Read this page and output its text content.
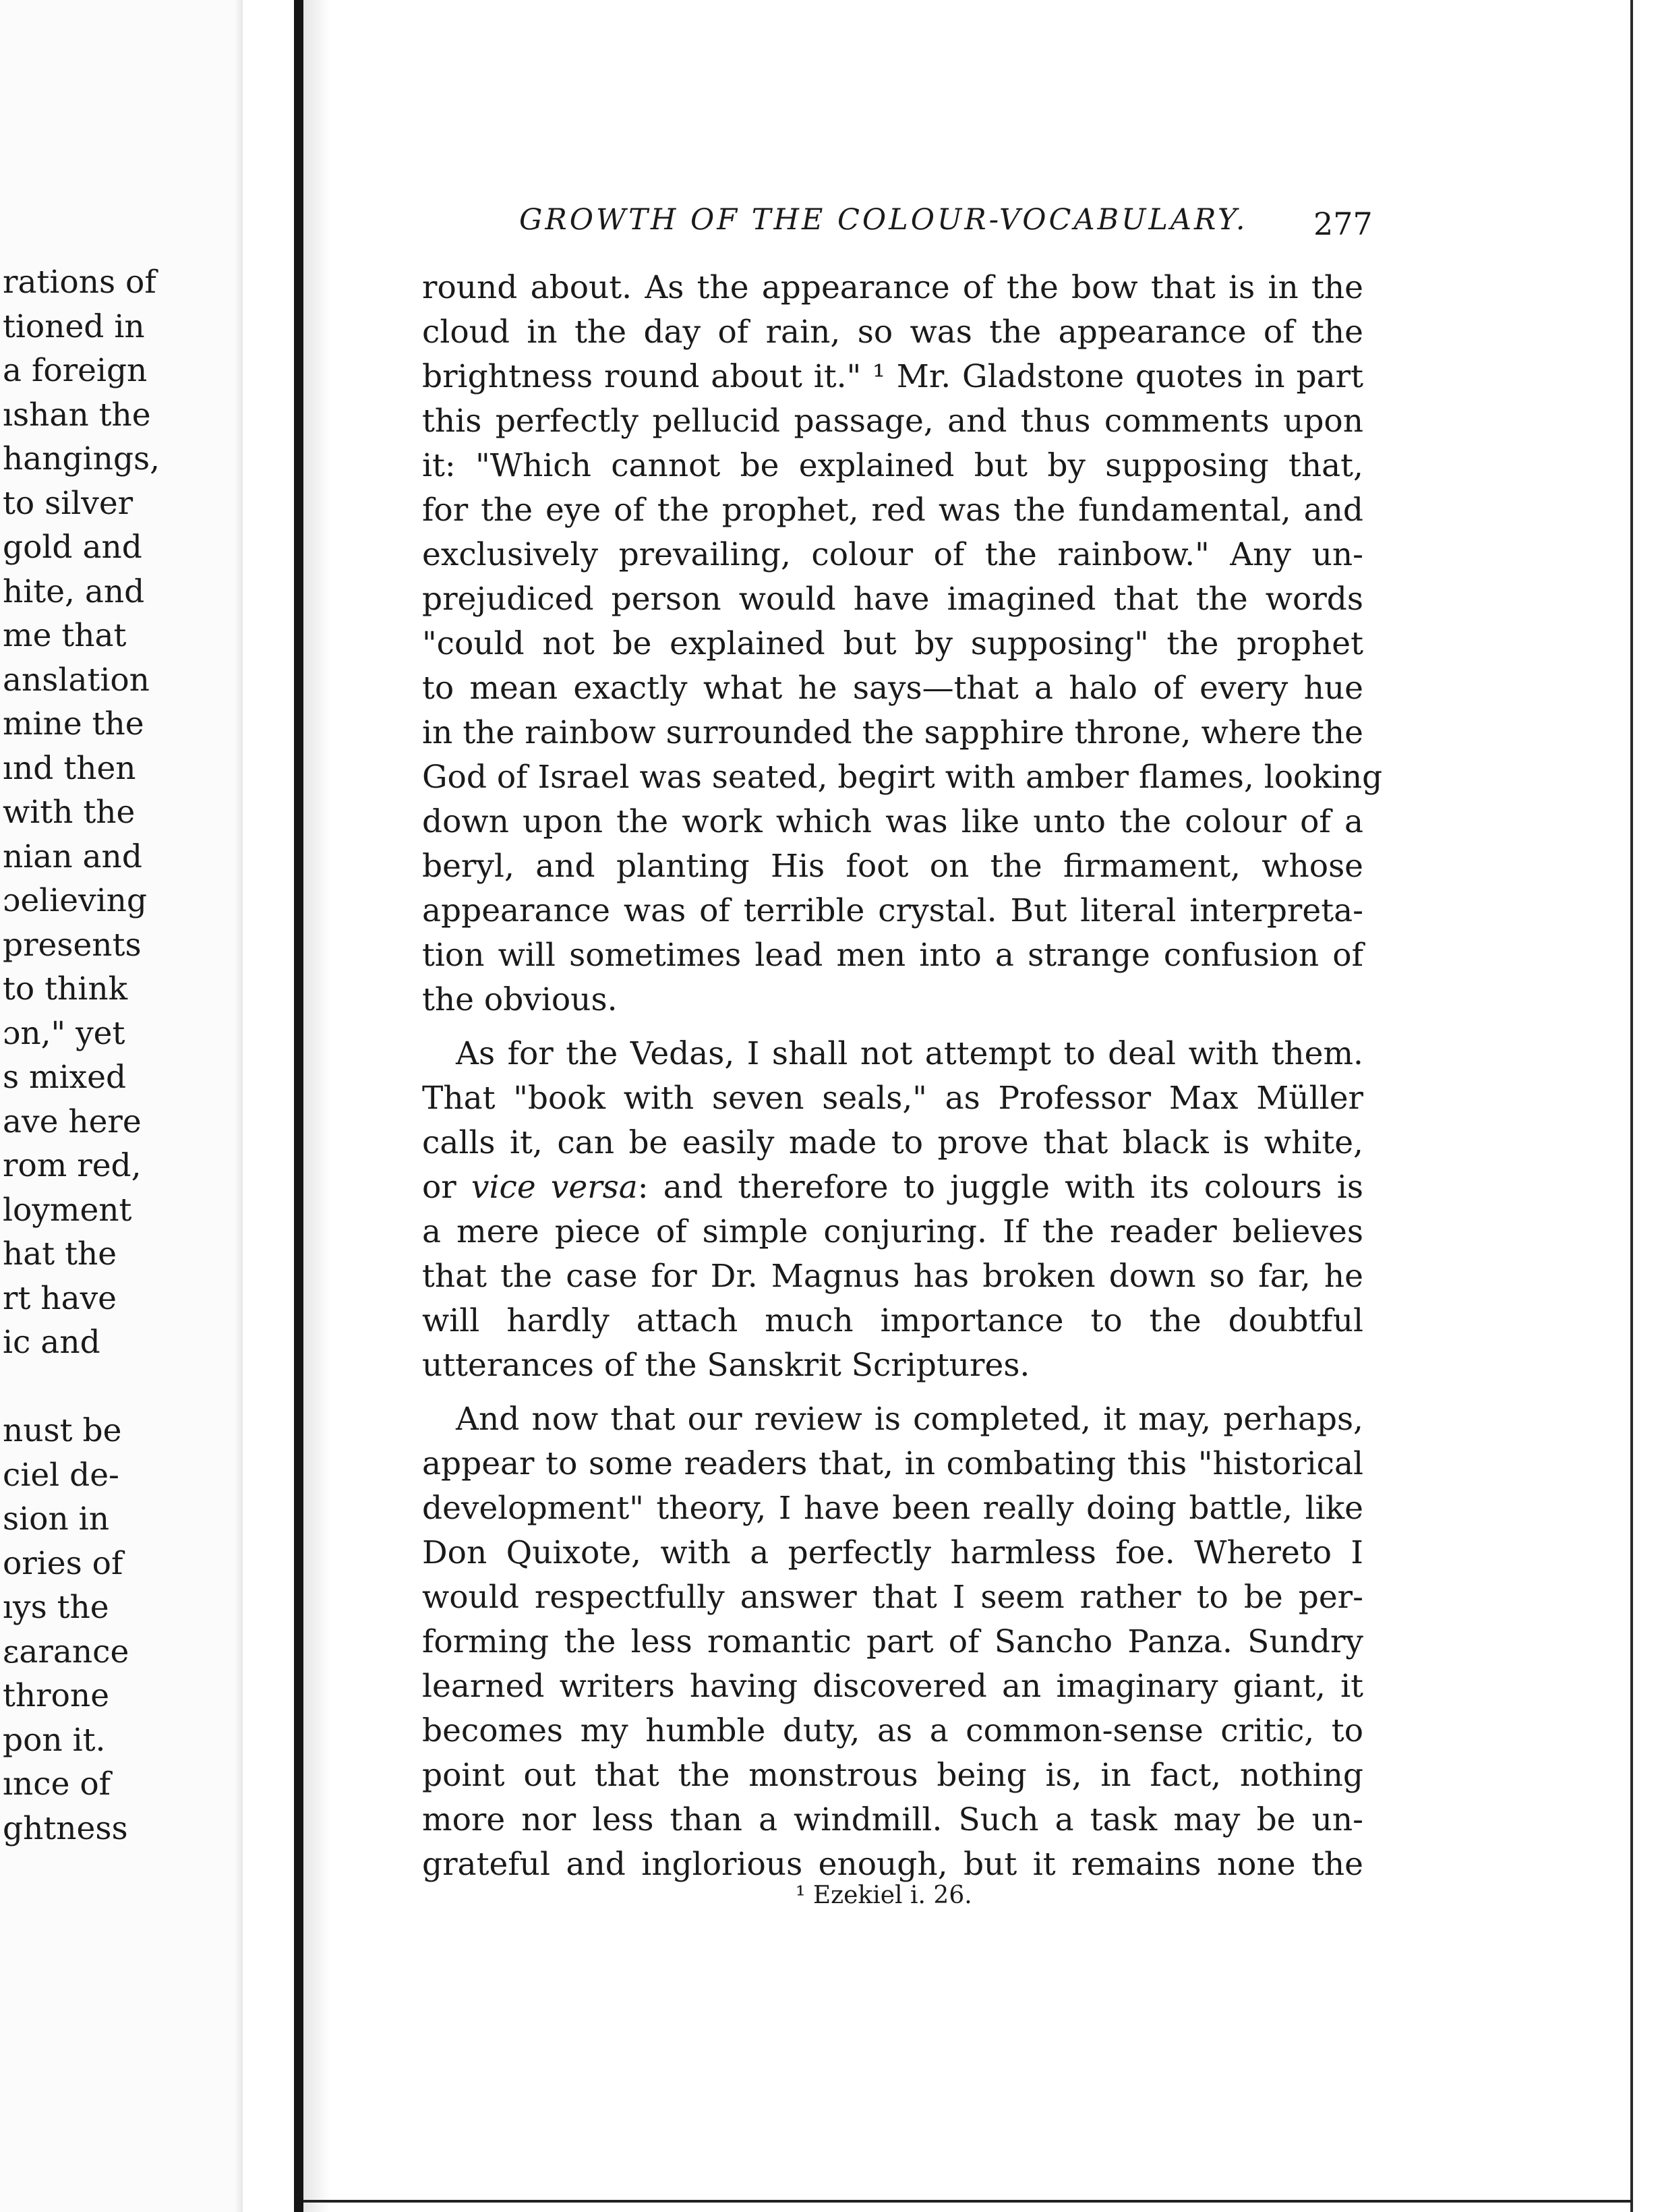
rations of

tioned in

a foreign

ıshan the

hangings,

to silver

gold and

hite, and

me that

anslation

mine the

ınd then

with the

nian and

ɔelieving

presents

to think

ɔn," yet

s mixed

ave here

rom red,

loyment

hat the

rt have

ic and

nust be

ciel de-

sion in

ories of

ıys the

ɛarance

throne

pon it.

ınce of

ghtness

GROWTH OF THE COLOUR-VOCABULARY. 277
round about. As the appearance of the bow that is in the
cloud in the day of rain, so was the appearance of the
brightness round about it." ¹ Mr. Gladstone quotes in part
this perfectly pellucid passage, and thus comments upon
it: "Which cannot be explained but by supposing that,
for the eye of the prophet, red was the fundamental, and
exclusively prevailing, colour of the rainbow." Any un-
prejudiced person would have imagined that the words
"could not be explained but by supposing" the prophet
to mean exactly what he says—that a halo of every hue
in the rainbow surrounded the sapphire throne, where the
God of Israel was seated, begirt with amber flames, looking
down upon the work which was like unto the colour of a
beryl, and planting His foot on the firmament, whose
appearance was of terrible crystal. But literal interpreta-
tion will sometimes lead men into a strange confusion of
the obvious.
As for the Vedas, I shall not attempt to deal with them.
That "book with seven seals," as Professor Max Müller
calls it, can be easily made to prove that black is white,
or vice versa: and therefore to juggle with its colours is
a mere piece of simple conjuring. If the reader believes
that the case for Dr. Magnus has broken down so far, he
will hardly attach much importance to the doubtful
utterances of the Sanskrit Scriptures.
And now that our review is completed, it may, perhaps,
appear to some readers that, in combating this "historical
development" theory, I have been really doing battle, like
Don Quixote, with a perfectly harmless foe. Whereto I
would respectfully answer that I seem rather to be per-
forming the less romantic part of Sancho Panza. Sundry
learned writers having discovered an imaginary giant, it
becomes my humble duty, as a common-sense critic, to
point out that the monstrous being is, in fact, nothing
more nor less than a windmill. Such a task may be un-
grateful and inglorious enough, but it remains none the
¹ Ezekiel i. 26.
